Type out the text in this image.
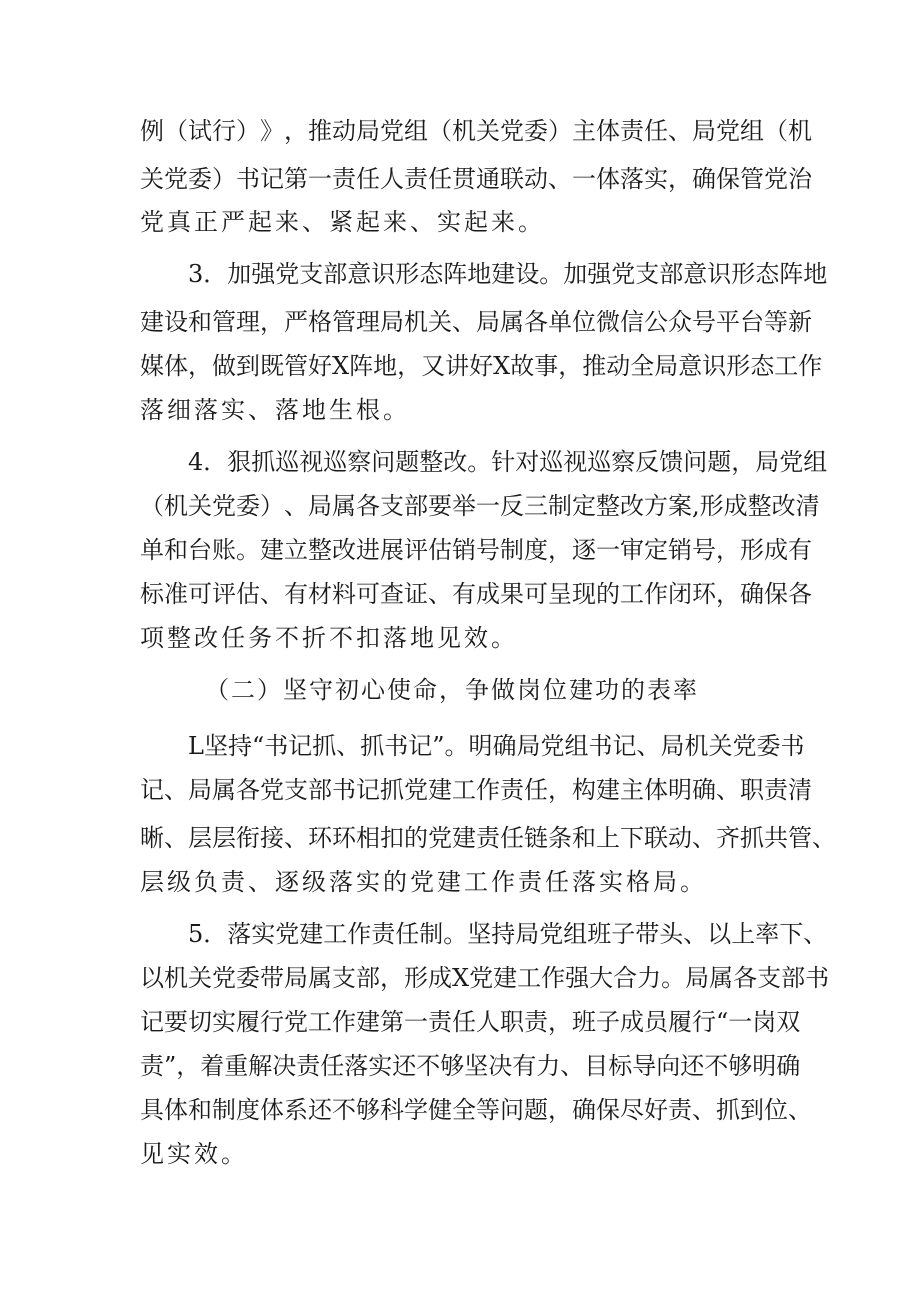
例 （ 试 行 ） 》 ， 推 动 局 党 组 （ 机 关 党 委 ） 主 体 责 任 、 局 党 组 （ 机
关 党 委 ） 书 记 第 一 责 任 人 责 任 贯 通 联 动 、 一 体 落 实 ， 确 保 管 党 治
党真正严起来、紧起来、实起来。
3 ． 加 强 党 支 部 意 识 形 态 阵 地 建 设 。 加 强 党 支 部 意 识 形 态 阵 地
建 设 和 管 理 ， 严 格 管 理 局 机 关 、 局 属 各 单 位 微 信 公 众 号 平 台 等 新
媒 体 ， 做 到 既 管 好 X 阵 地 ， 又 讲 好 X 故 事 ， 推 动 全 局 意 识 形 态 工 作
落细落实、落地生根。
4 ． 狠 抓 巡 视 巡 察 问 题 整 改 。 针 对 巡 视 巡 察 反 馈 问 题 ， 局 党 组
（ 机 关 党 委 ） 、 局 属 各 支 部 要 举 一 反 三 制 定 整 改 方 案 , 形 成 整 改 清
单 和 台 账 。 建 立 整 改 进 展 评 估 销 号 制 度 ， 逐 一 审 定 销 号 ， 形 成 有
标 准 可 评 估 、 有 材 料 可 查 证 、 有 成 果 可 呈 现 的 工 作 闭 环 ， 确 保 各
项整改任务不折不扣落地见效。
（二）坚守初心使命，争做岗位建功的表率
L 坚 持 “ 书 记 抓 、 抓 书 记 ” 。 明 确 局 党 组 书 记 、 局 机 关 党 委 书
记 、 局 属 各 党 支 部 书 记 抓 党 建 工 作 责 任 ， 构 建 主 体 明 确 、 职 责 清
晰 、 层 层 衔 接 、 环 环 相 扣 的 党 建 责 任 链 条 和 上 下 联 动 、 齐 抓 共 管 、
层级负责、逐级落实的党建工作责任落实格局。
5 ． 落 实 党 建 工 作 责 任 制 。 坚 持 局 党 组 班 子 带 头 、 以 上 率 下 、
以 机 关 党 委 带 局 属 支 部 ， 形 成 X 党 建 工 作 强 大 合 力 。 局 属 各 支 部 书
记 要 切 实 履 行 党 工 作 建 第 一 责 任 人 职 责 ， 班 子 成 员 履 行 “ 一 岗 双
责 ” ， 着 重 解 决 责 任 落 实 还 不 够 坚 决 有 力 、 目 标 导 向 还 不 够 明 确
具 体 和 制 度 体 系 还 不 够 科 学 健 全 等 问 题 ， 确 保 尽 好 责 、 抓 到 位 、
见实效。
